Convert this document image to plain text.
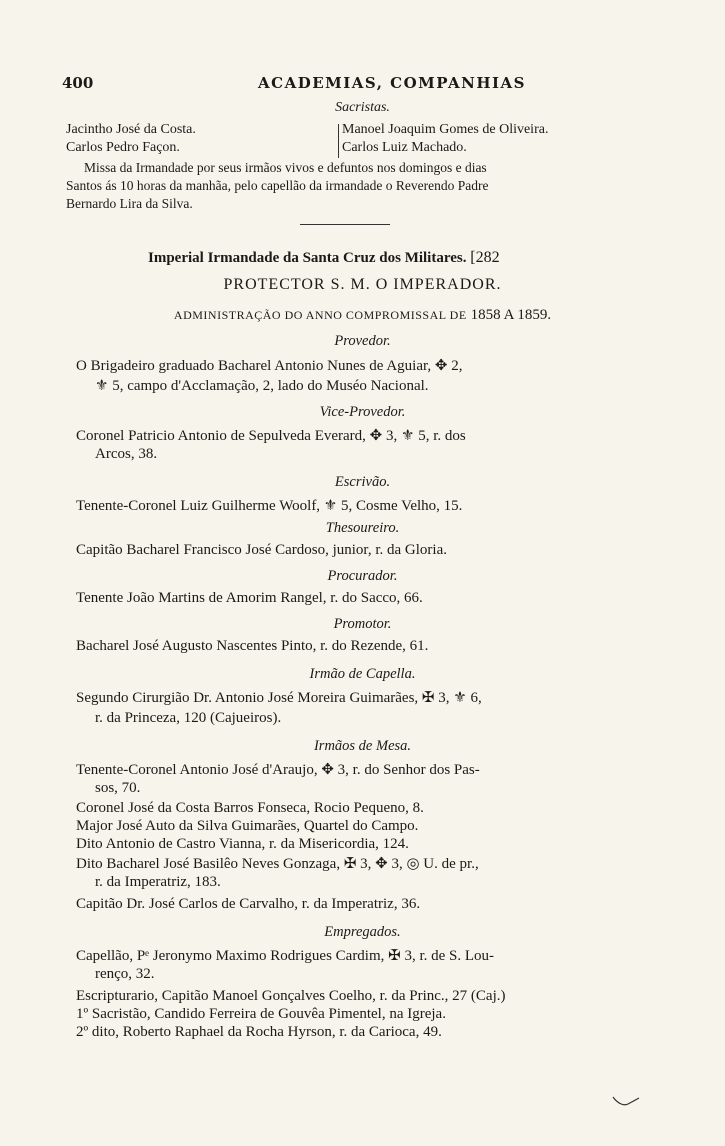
400	ACADEMIAS, COMPANHIAS
Sacristas.
Jacintho José da Costa.
Carlos Pedro Façon.
Manoel Joaquim Gomes de Oliveira.
Carlos Luiz Machado.
Missa da Irmandade por seus irmãos vivos e defuntos nos domingos e dias
Santos ás 10 horas da manhãa, pelo capellão da irmandade o Reverendo Padre
Bernardo Lira da Silva.
Imperial Irmandade da Santa Cruz dos Militares. [282
PROTECTOR S. M. O IMPERADOR.
ADMINISTRAÇÃO DO ANNO COMPROMISSAL DE 1858 A 1859.
Provedor.
O Brigadeiro graduado Bacharel Antonio Nunes de Aguiar, ✥ 2,
⚜ 5, campo d'Acclamação, 2, lado do Muséo Nacional.
Vice-Provedor.
Coronel Patricio Antonio de Sepulveda Everard, ✥ 3, ⚜ 5, r. dos
Arcos, 38.
Escrivão.
Tenente-Coronel Luiz Guilherme Woolf, ⚜ 5, Cosme Velho, 15.
Thesoureiro.
Capitão Bacharel Francisco José Cardoso, junior, r. da Gloria.
Procurador.
Tenente João Martins de Amorim Rangel, r. do Sacco, 66.
Promotor.
Bacharel José Augusto Nascentes Pinto, r. do Rezende, 61.
Irmão de Capella.
Segundo Cirurgião Dr. Antonio José Moreira Guimarães, ✠ 3, ⚜ 6,
r. da Princeza, 120 (Cajueiros).
Irmãos de Mesa.
Tenente-Coronel Antonio José d'Araujo, ✥ 3, r. do Senhor dos Pas-
sos, 70.
Coronel José da Costa Barros Fonseca, Rocio Pequeno, 8.
Major José Auto da Silva Guimarães, Quartel do Campo.
Dito Antonio de Castro Vianna, r. da Misericordia, 124.
Dito Bacharel José Basilêo Neves Gonzaga, ✠ 3, ✥ 3, ◎ U. de pr.,
r. da Imperatriz, 183.
Capitão Dr. José Carlos de Carvalho, r. da Imperatriz, 36.
Empregados.
Capellão, Pᵉ Jeronymo Maximo Rodrigues Cardim, ✠ 3, r. de S. Lou-
renço, 32.
Escripturario, Capitão Manoel Gonçalves Coelho, r. da Princ., 27 (Caj.)
1º Sacristão, Candido Ferreira de Gouvêa Pimentel, na Igreja.
2º dito, Roberto Raphael da Rocha Hyrson, r. da Carioca, 49.
